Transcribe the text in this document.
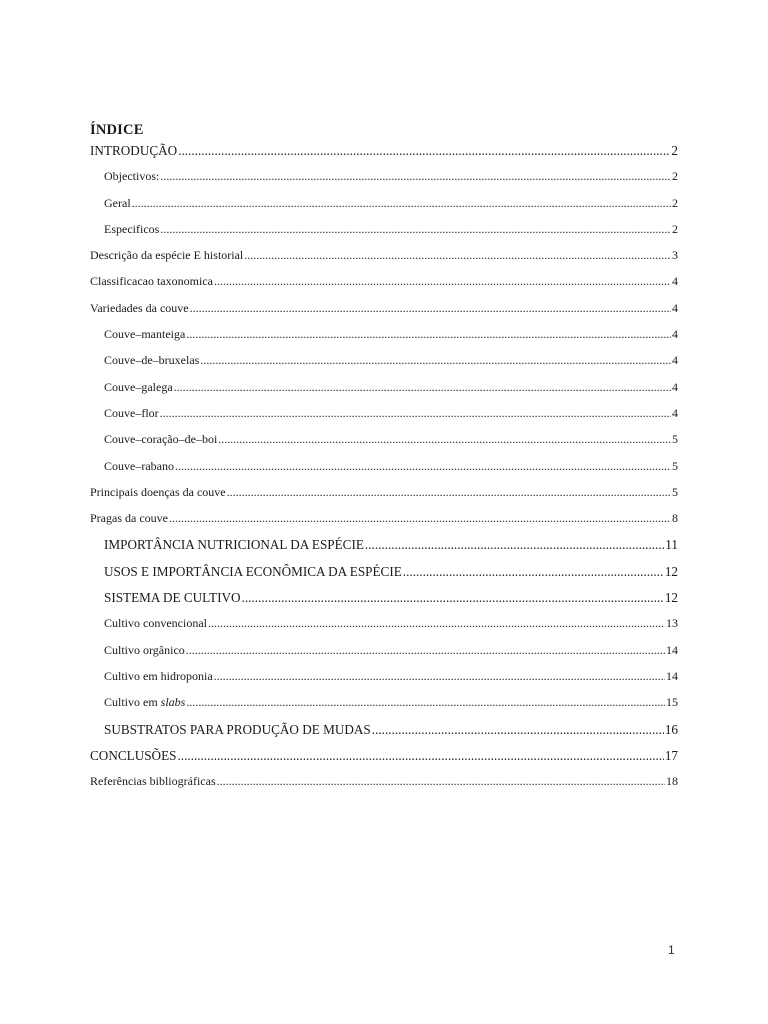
ÍNDICE
INTRODUÇÃO .....	2
Objectivos: .....	2
Geral .....	2
Especificos .....	2
Descrição da espécie E historial .....	3
Classificacao taxonomica .....	4
Variedades da couve .....	4
Couve–manteiga .....	4
Couve–de–bruxelas .....	4
Couve–galega .....	4
Couve–flor .....	4
Couve–coração–de–boi .....	5
Couve–rabano .....	5
Principais doenças da couve .....	5
Pragas da couve .....	8
IMPORTÂNCIA NUTRICIONAL DA ESPÉCIE .....	11
USOS E IMPORTÂNCIA ECONÔMICA DA ESPÉCIE .....	12
SISTEMA DE CULTIVO .....	12
Cultivo convencional .....	13
Cultivo orgânico .....	14
Cultivo em hidroponia .....	14
Cultivo em slabs .....	15
SUBSTRATOS PARA PRODUÇÃO DE MUDAS .....	16
CONCLUSÕES .....	17
Referências bibliográficas .....	18
1
